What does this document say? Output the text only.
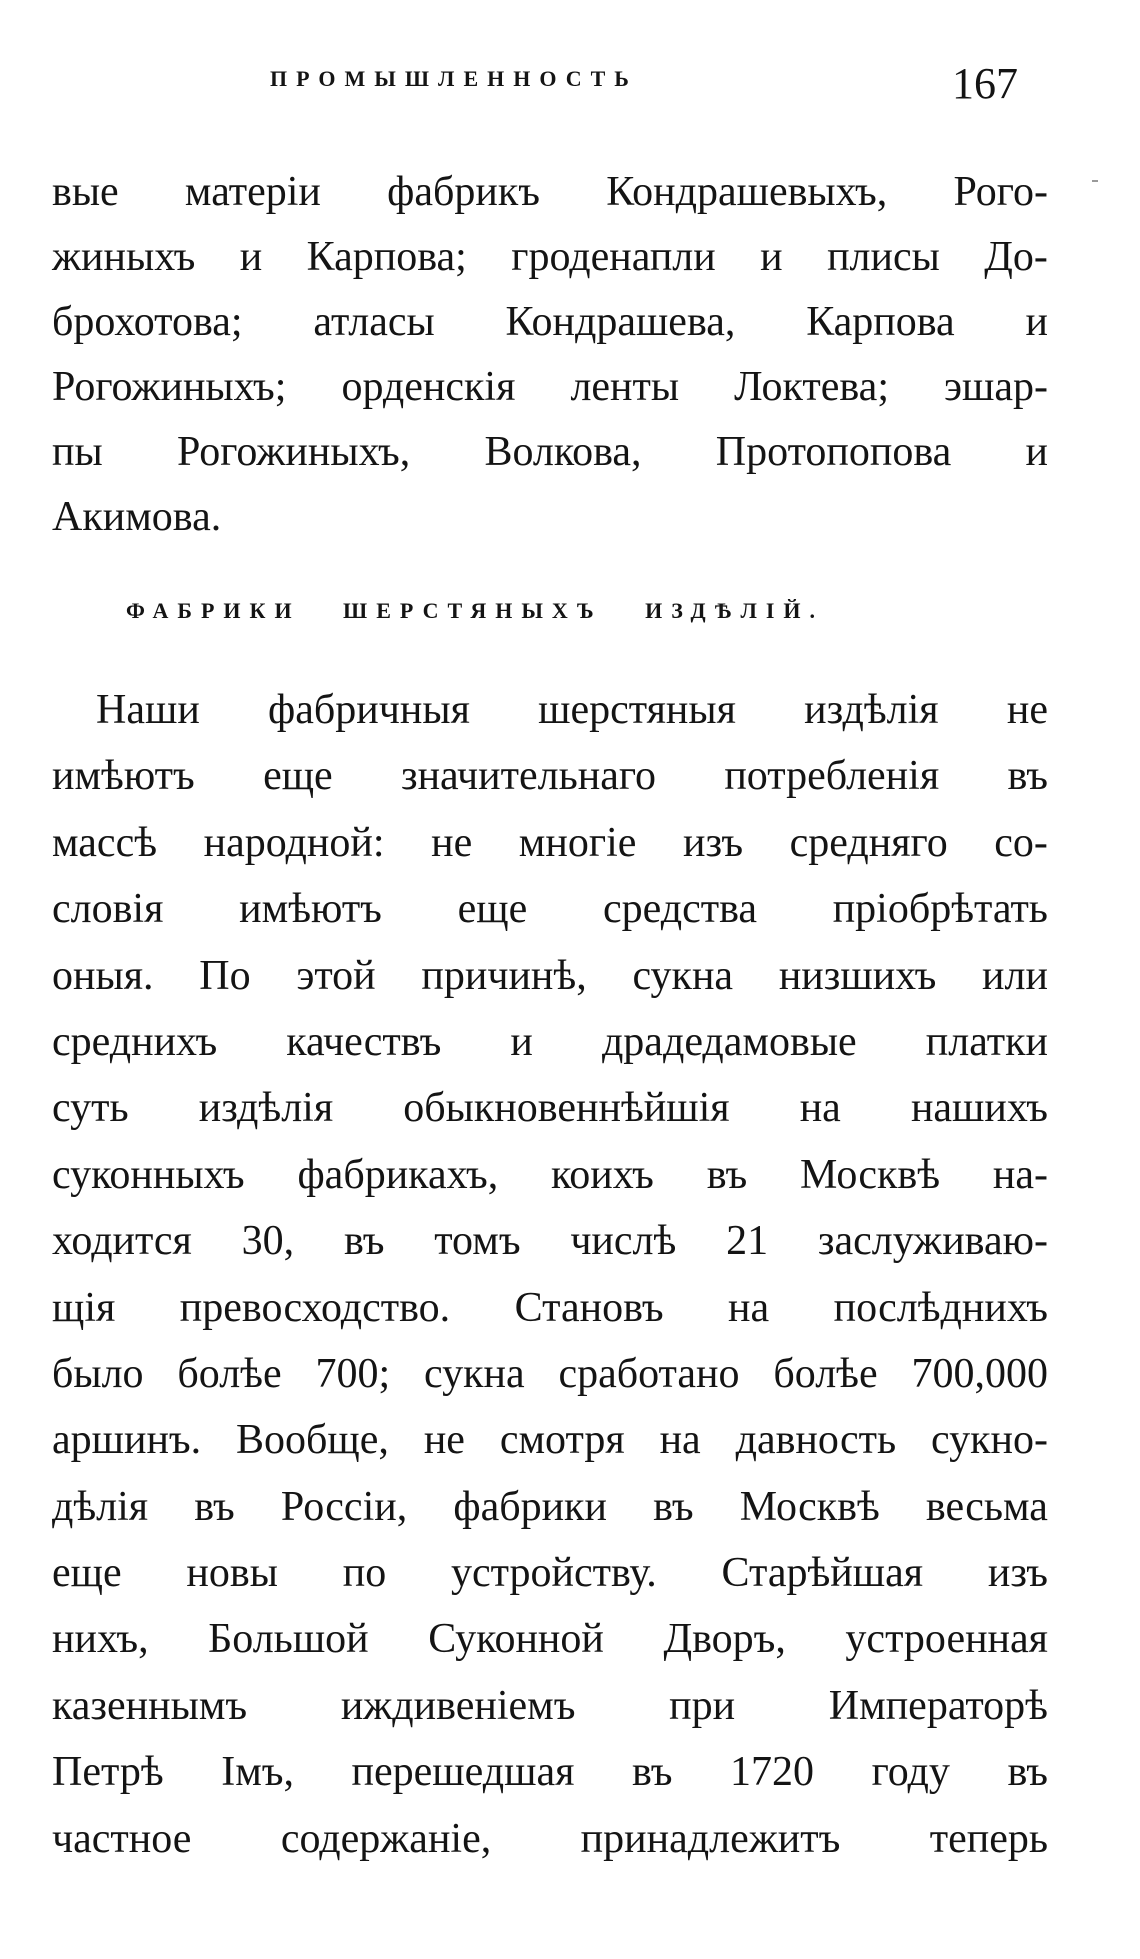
ПРОМЫШЛЕННОСТЬ	167
вые матеріи фабрикъ Кондрашевыхъ, Рого-
жиныхъ и Карпова; гроденапли и плисы До-
брохотова; атласы Кондрашева, Карпова и
Рогожиныхъ; орденскія ленты Локтева; эшар-
пы Рогожиныхъ, Волкова, Протопопова и
Акимова.
ФАБРИКИ ШЕРСТЯНЫХЪ ИЗДѢЛІЙ.
Наши фабричныя шерстяныя издѣлія не
имѣютъ еще значительнаго потребленія въ
массѣ народной: не многіе изъ средняго со-
словія имѣютъ еще средства пріобрѣтать
оныя. По этой причинѣ, сукна низшихъ или
среднихъ качествъ и драдедамовые платки
суть издѣлія обыкновеннѣйшія на нашихъ
суконныхъ фабрикахъ, коихъ въ Москвѣ на-
ходится 30, въ томъ числѣ 21 заслуживаю-
щія превосходство. Становъ на послѣднихъ
было болѣе 700; сукна сработано болѣе 700,000
аршинъ. Вообще, не смотря на давность сукно-
дѣлія въ Россіи, фабрики въ Москвѣ весьма
еще новы по устройству. Старѣйшая изъ
нихъ, Большой Суконной Дворъ, устроенная
казеннымъ иждивеніемъ при Императорѣ
Петрѣ Iмъ, перешедшая въ 1720 году въ
частное содержаніе, принадлежитъ теперь
